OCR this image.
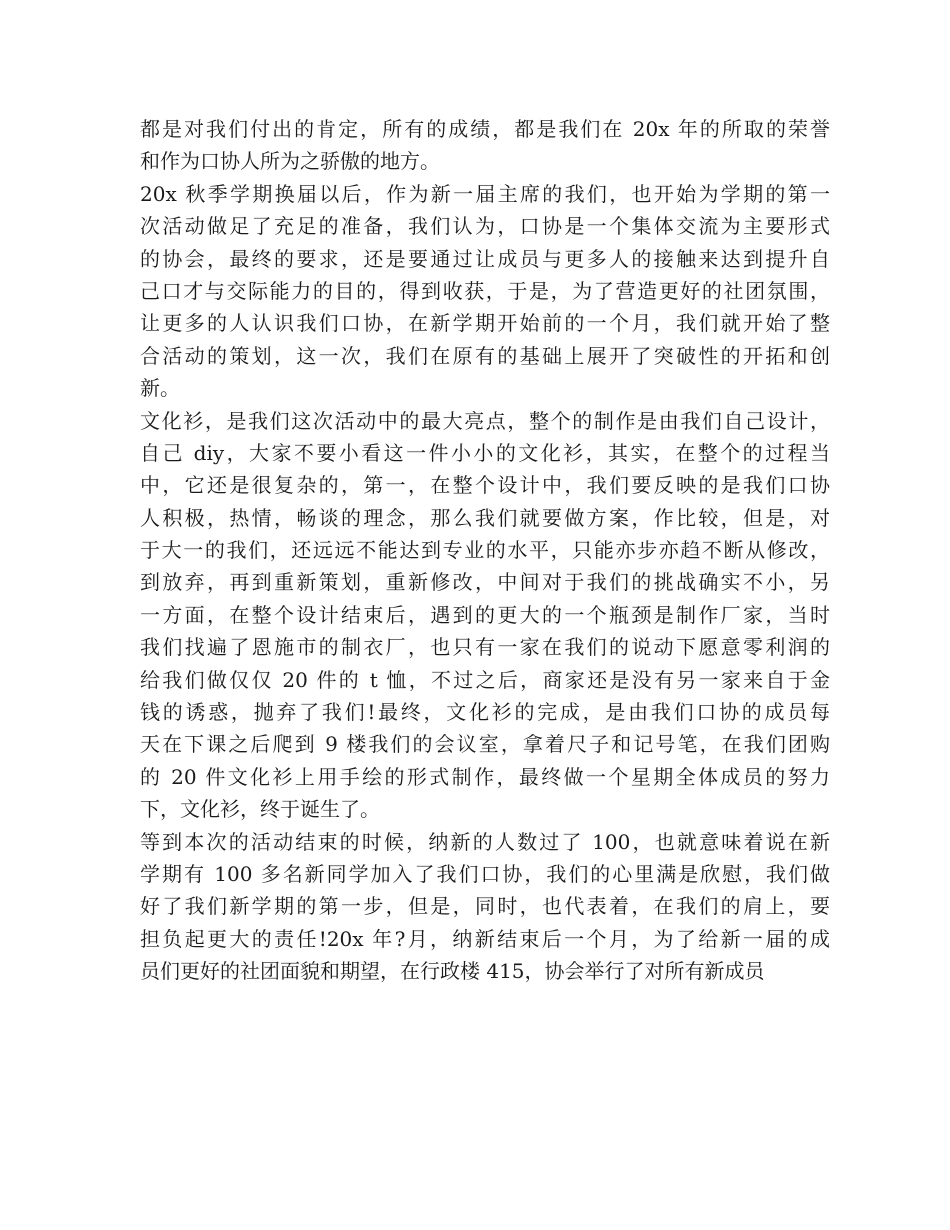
都是对我们付出的肯定，所有的成绩，都是我们在 20x 年的所取的荣誉
和作为口协人所为之骄傲的地方。
20x 秋季学期换届以后，作为新一届主席的我们，也开始为学期的第一
次活动做足了充足的准备，我们认为，口协是一个集体交流为主要形式
的协会，最终的要求，还是要通过让成员与更多人的接触来达到提升自
己口才与交际能力的目的，得到收获，于是，为了营造更好的社团氛围，
让更多的人认识我们口协，在新学期开始前的一个月，我们就开始了整
合活动的策划，这一次，我们在原有的基础上展开了突破性的开拓和创
新。
文化衫，是我们这次活动中的最大亮点，整个的制作是由我们自己设计，
自己 diy，大家不要小看这一件小小的文化衫，其实，在整个的过程当
中，它还是很复杂的，第一，在整个设计中，我们要反映的是我们口协
人积极，热情，畅谈的理念，那么我们就要做方案，作比较，但是，对
于大一的我们，还远远不能达到专业的水平，只能亦步亦趋不断从修改，
到放弃，再到重新策划，重新修改，中间对于我们的挑战确实不小，另
一方面，在整个设计结束后，遇到的更大的一个瓶颈是制作厂家，当时
我们找遍了恩施市的制衣厂，也只有一家在我们的说动下愿意零利润的
给我们做仅仅 20 件的 t 恤，不过之后，商家还是没有另一家来自于金
钱的诱惑，抛弃了我们!最终，文化衫的完成，是由我们口协的成员每
天在下课之后爬到 9 楼我们的会议室，拿着尺子和记号笔，在我们团购
的 20 件文化衫上用手绘的形式制作，最终做一个星期全体成员的努力
下，文化衫，终于诞生了。
等到本次的活动结束的时候，纳新的人数过了 100，也就意味着说在新
学期有 100 多名新同学加入了我们口协，我们的心里满是欣慰，我们做
好了我们新学期的第一步，但是，同时，也代表着，在我们的肩上，要
担负起更大的责任!20x 年?月，纳新结束后一个月，为了给新一届的成
员们更好的社团面貌和期望，在行政楼 415，协会举行了对所有新成员
